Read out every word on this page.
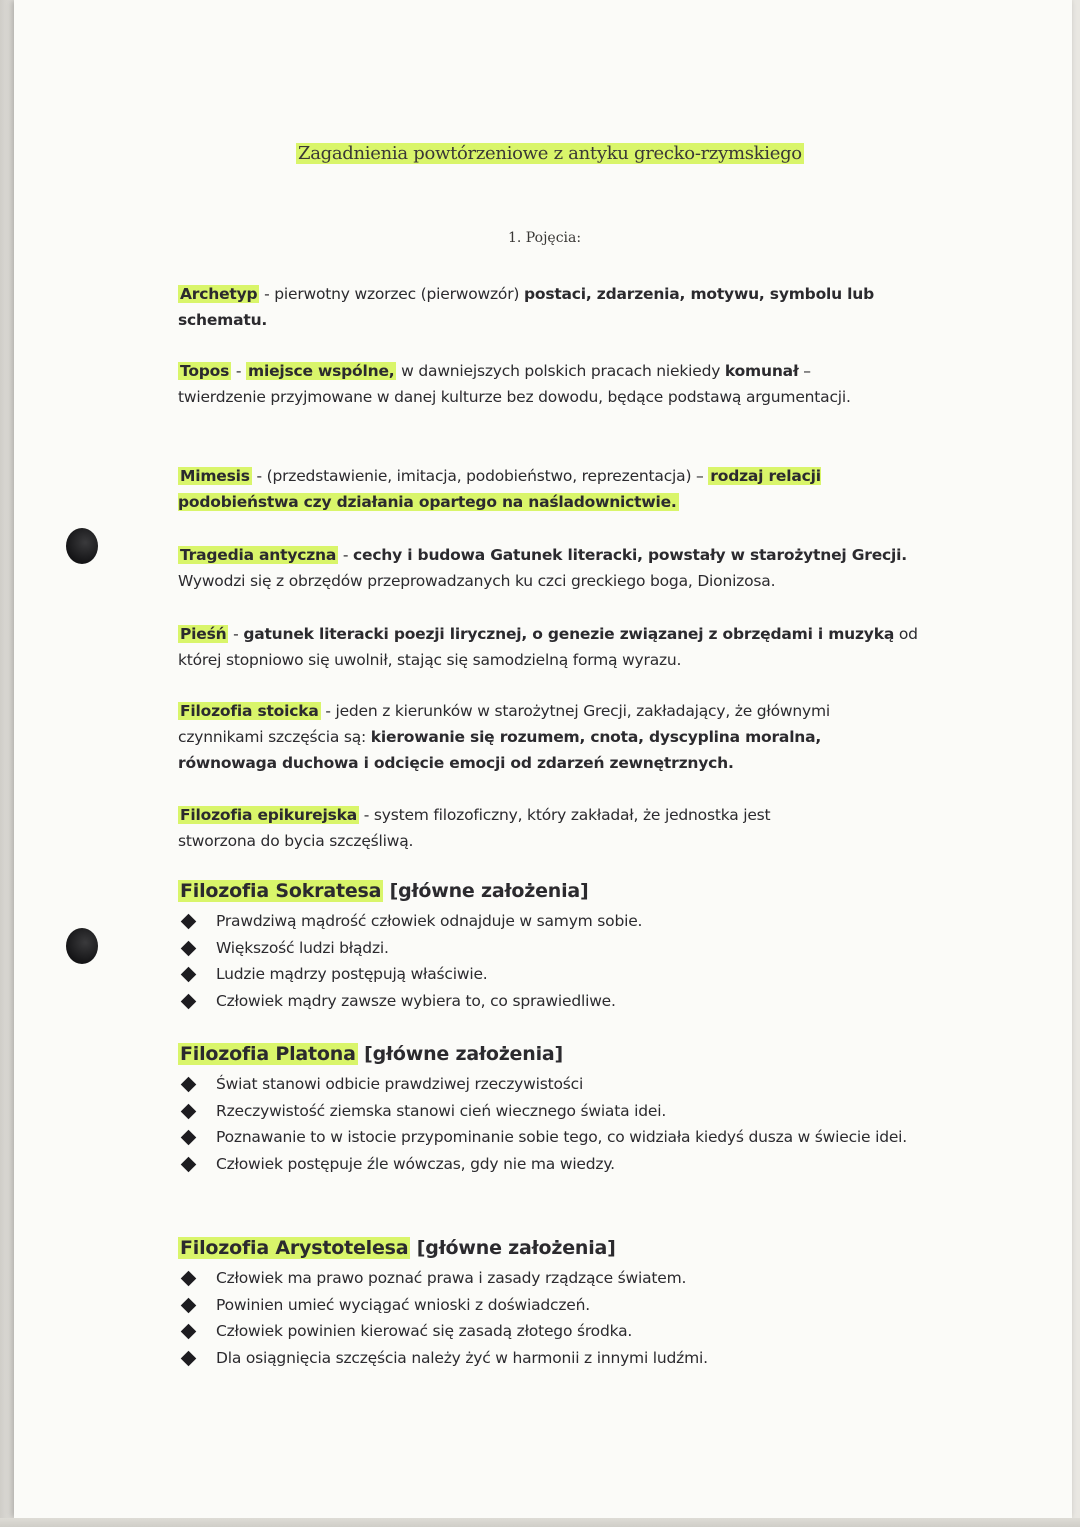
Zagadnienia powtórzeniowe z antyku grecko-rzymskiego
1. Pojęcia:
Archetyp - pierwotny wzorzec (pierwowzór) postaci, zdarzenia, motywu, symbolu lub schematu.
Topos - miejsce wspólne, w dawniejszych polskich pracach niekiedy komunał – twierdzenie przyjmowane w danej kulturze bez dowodu, będące podstawą argumentacji.
Mimesis - (przedstawienie, imitacja, podobieństwo, reprezentacja) – rodzaj relacji podobieństwa czy działania opartego na naśladownictwie.
Tragedia antyczna - cechy i budowa Gatunek literacki, powstały w starożytnej Grecji. Wywodzi się z obrzędów przeprowadzanych ku czci greckiego boga, Dionizosa.
Pieśń - gatunek literacki poezji lirycznej, o genezie związanej z obrzędami i muzyką od której stopniowo się uwolnił, stając się samodzielną formą wyrazu.
Filozofia stoicka - jeden z kierunków w starożytnej Grecji, zakładający, że głównymi czynnikami szczęścia są: kierowanie się rozumem, cnota, dyscyplina moralna, równowaga duchowa i odcięcie emocji od zdarzeń zewnętrznych.
Filozofia epikurejska - system filozoficzny, który zakładał, że jednostka jest stworzona do bycia szczęśliwą.
Filozofia Sokratesa [główne założenia]
Prawdziwą mądrość człowiek odnajduje w samym sobie.
Większość ludzi błądzi.
Ludzie mądrzy postępują właściwie.
Człowiek mądry zawsze wybiera to, co sprawiedliwe.
Filozofia Platona [główne założenia]
Świat stanowi odbicie prawdziwej rzeczywistości
Rzeczywistość ziemska stanowi cień wiecznego świata idei.
Poznawanie to w istocie przypominanie sobie tego, co widziała kiedyś dusza w świecie idei.
Człowiek postępuje źle wówczas, gdy nie ma wiedzy.
Filozofia Arystotelesa [główne założenia]
Człowiek ma prawo poznać prawa i zasady rządzące światem.
Powinien umieć wyciągać wnioski z doświadczeń.
Człowiek powinien kierować się zasadą złotego środka.
Dla osiągnięcia szczęścia należy żyć w harmonii z innymi ludźmi.
